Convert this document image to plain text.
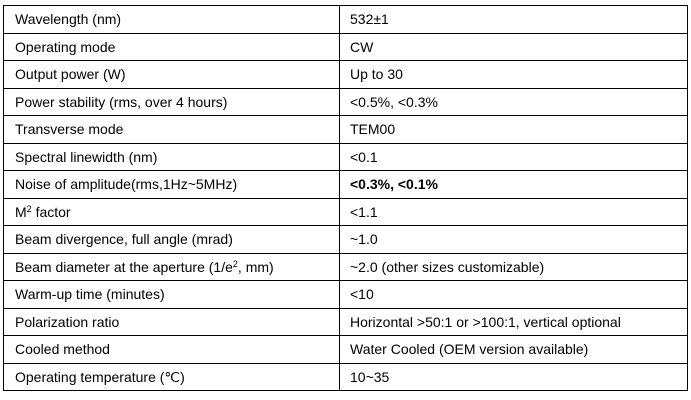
Wavelength (nm)	532±1
Operating mode	CW
Output power (W)	Up to 30
Power stability (rms, over 4 hours)	<0.5%, <0.3%
Transverse mode	TEM00
Spectral linewidth (nm)	<0.1
Noise of amplitude(rms,1Hz~5MHz)	<0.3%, <0.1%
$M^2$ factor	<1.1
Beam divergence, full angle (mrad)	~1.0
Beam diameter at the aperture ($1/e^2$, mm)	~2.0 (other sizes customizable)
Warm-up time (minutes)	<10
Polarization ratio	Horizontal >50:1 or >100:1, vertical optional
Cooled method	Water Cooled (OEM version available)
Operating temperature (℃)	10~35
